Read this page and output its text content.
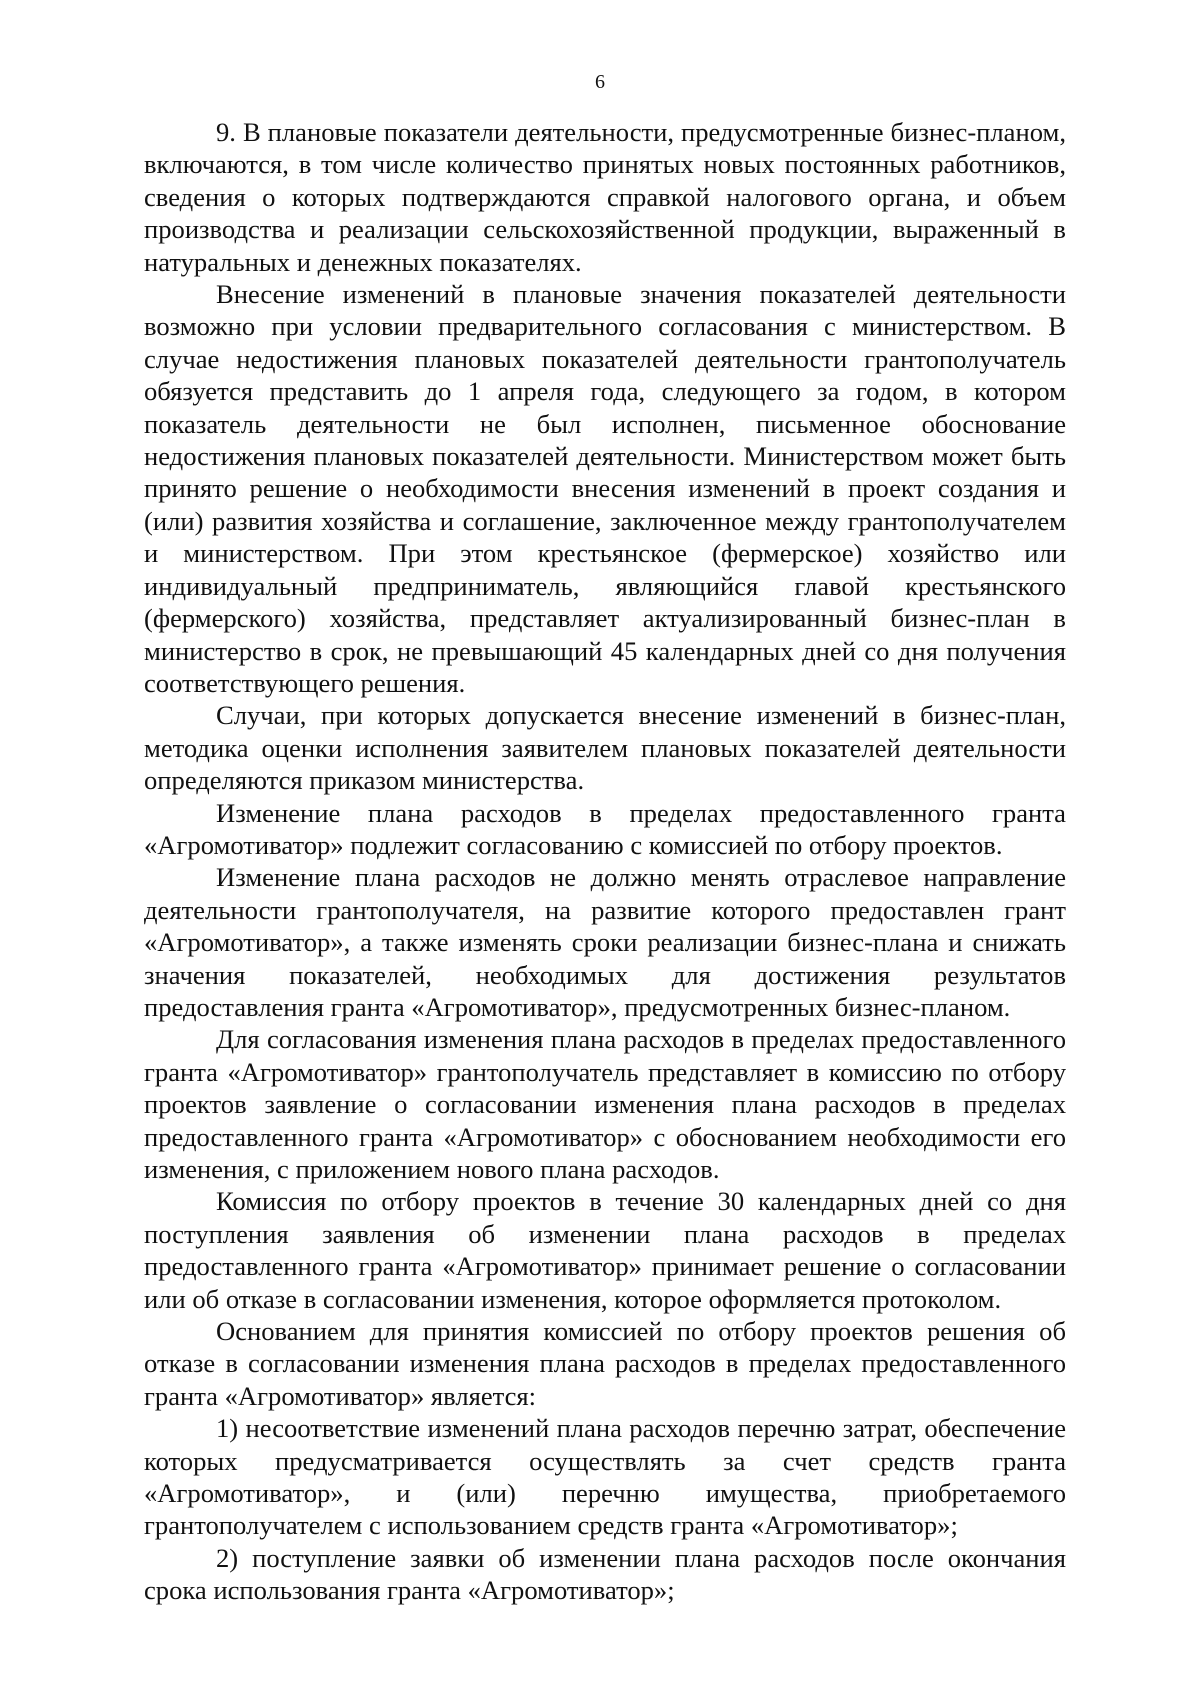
6

9. В плановые показатели деятельности, предусмотренные бизнес-планом, включаются, в том числе количество принятых новых постоянных работников, сведения о которых подтверждаются справкой налогового органа, и объем производства и реализации сельскохозяйственной продукции, выраженный в натуральных и денежных показателях.

Внесение изменений в плановые значения показателей деятельности возможно при условии предварительного согласования с министерством. В случае недостижения плановых показателей деятельности грантополучатель обязуется представить до 1 апреля года, следующего за годом, в котором показатель деятельности не был исполнен, письменное обоснование недостижения плановых показателей деятельности. Министерством может быть принято решение о необходимости внесения изменений в проект создания и (или) развития хозяйства и соглашение, заключенное между грантополучателем и министерством. При этом крестьянское (фермерское) хозяйство или индивидуальный предприниматель, являющийся главой крестьянского (фермерского) хозяйства, представляет актуализированный бизнес-план в министерство в срок, не превышающий 45 календарных дней со дня получения соответствующего решения.

Случаи, при которых допускается внесение изменений в бизнес-план, методика оценки исполнения заявителем плановых показателей деятельности определяются приказом министерства.

Изменение плана расходов в пределах предоставленного гранта «Агромотиватор» подлежит согласованию с комиссией по отбору проектов.

Изменение плана расходов не должно менять отраслевое направление деятельности грантополучателя, на развитие которого предоставлен грант «Агромотиватор», а также изменять сроки реализации бизнес-плана и снижать значения показателей, необходимых для достижения результатов предоставления гранта «Агромотиватор», предусмотренных бизнес-планом.

Для согласования изменения плана расходов в пределах предоставленного гранта «Агромотиватор» грантополучатель представляет в комиссию по отбору проектов заявление о согласовании изменения плана расходов в пределах предоставленного гранта «Агромотиватор» с обоснованием необходимости его изменения, с приложением нового плана расходов.

Комиссия по отбору проектов в течение 30 календарных дней со дня поступления заявления об изменении плана расходов в пределах предоставленного гранта «Агромотиватор» принимает решение о согласовании или об отказе в согласовании изменения, которое оформляется протоколом.

Основанием для принятия комиссией по отбору проектов решения об отказе в согласовании изменения плана расходов в пределах предоставленного гранта «Агромотиватор» является:

1) несоответствие изменений плана расходов перечню затрат, обеспечение которых предусматривается осуществлять за счет средств гранта «Агромотиватор», и (или) перечню имущества, приобретаемого грантополучателем с использованием средств гранта «Агромотиватор»;

2) поступление заявки об изменении плана расходов после окончания срока использования гранта «Агромотиватор»;
